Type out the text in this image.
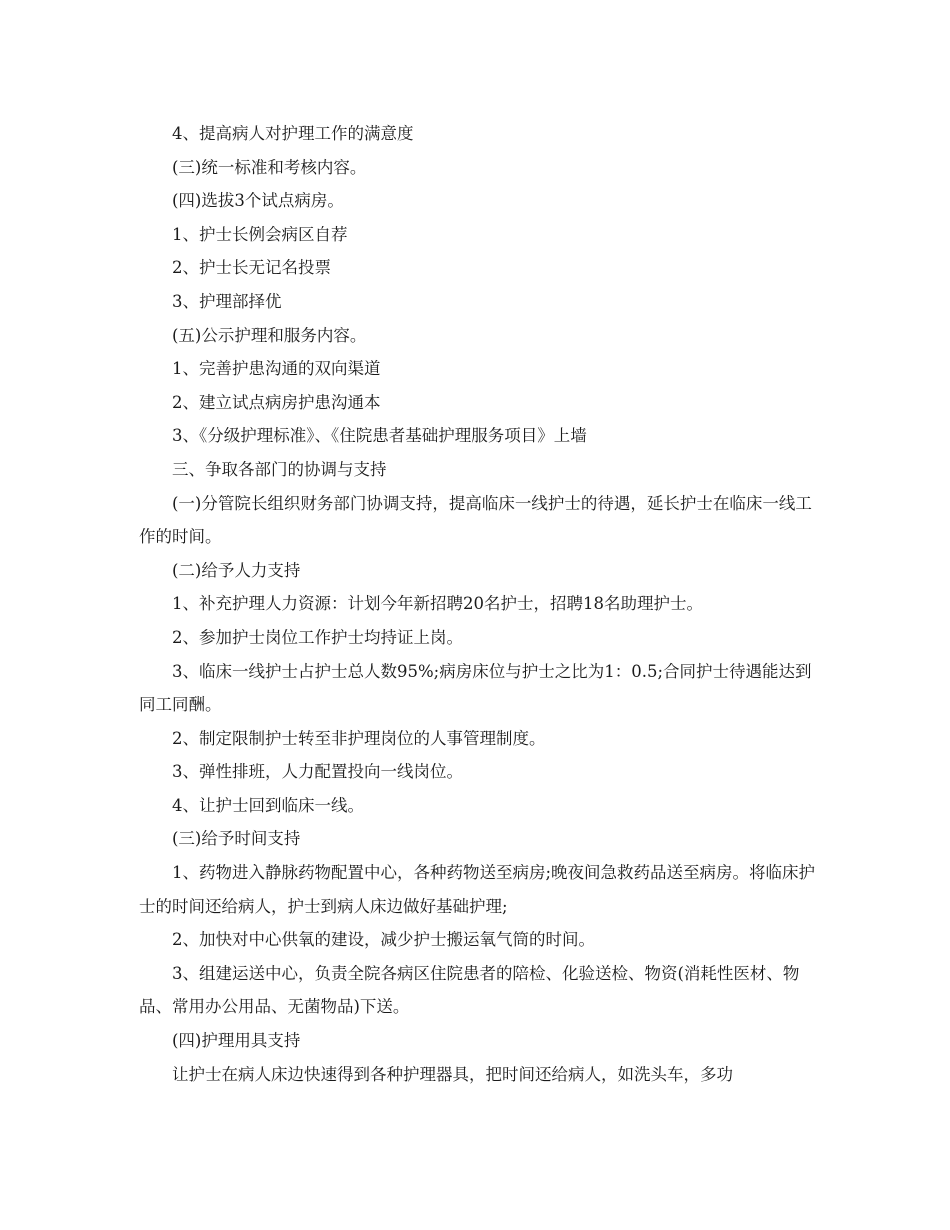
4、提高病人对护理工作的满意度

(三)统一标准和考核内容。

(四)选拔3个试点病房。

1、护士长例会病区自荐

2、护士长无记名投票

3、护理部择优

(五)公示护理和服务内容。

1、完善护患沟通的双向渠道

2、建立试点病房护患沟通本

3、《分级护理标准》、《住院患者基础护理服务项目》上墙

三、争取各部门的协调与支持

(一)分管院长组织财务部门协调支持，提高临床一线护士的待遇，延长护士在临床一线工作的时间。

(二)给予人力支持

1、补充护理人力资源：计划今年新招聘20名护士，招聘18名助理护士。

2、参加护士岗位工作护士均持证上岗。

3、临床一线护士占护士总人数95%;病房床位与护士之比为1：0.5;合同护士待遇能达到同工同酬。

2、制定限制护士转至非护理岗位的人事管理制度。

3、弹性排班，人力配置投向一线岗位。

4、让护士回到临床一线。

(三)给予时间支持

1、药物进入静脉药物配置中心，各种药物送至病房;晚夜间急救药品送至病房。将临床护士的时间还给病人，护士到病人床边做好基础护理;

2、加快对中心供氧的建设，减少护士搬运氧气筒的时间。

3、组建运送中心，负责全院各病区住院患者的陪检、化验送检、物资(消耗性医材、物品、常用办公用品、无菌物品)下送。

(四)护理用具支持

让护士在病人床边快速得到各种护理器具，把时间还给病人，如洗头车，多功
